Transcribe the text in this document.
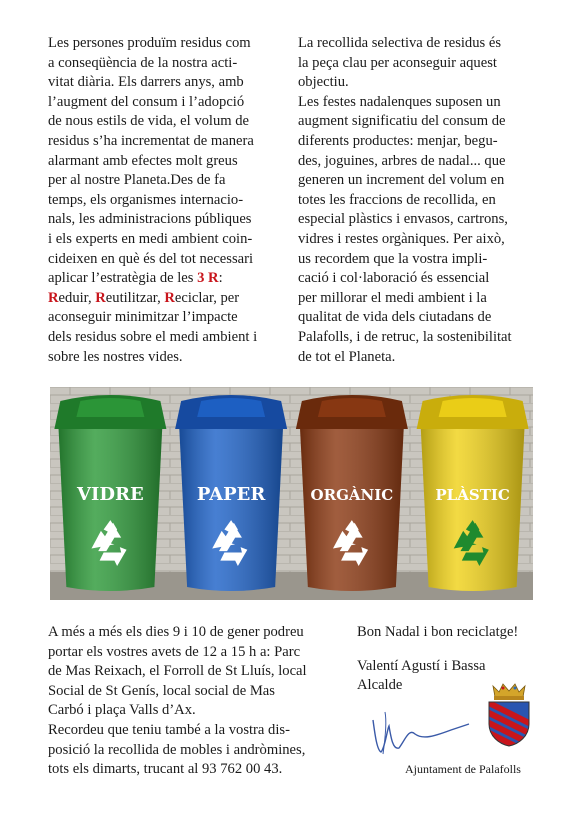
Les persones produïm residus com
a conseqüència de la nostra acti-
vitat diària. Els darrers anys, amb
l’augment del consum i l’adopció
de nous estils de vida, el volum de
residus s’ha incrementat de manera
alarmant amb efectes molt greus
per al nostre Planeta.Des de fa
temps, els organismes internacio-
nals, les administracions públiques
i els experts en medi ambient coin-
cideixen en què és del tot necessari
aplicar l’estratègia de les 3 R:
Reduir, Reutilitzar, Reciclar, per
aconseguir minimitzar l’impacte
dels residus sobre el medi ambient i
sobre les nostres vides.
La recollida selectiva de residus és
la peça clau per aconseguir aquest
objectiu.
Les festes nadalenques suposen un
augment significatiu del consum de
diferents productes: menjar, begu-
des, joguines, arbres de nadal... que
generen un increment del volum en
totes les fraccions de recollida, en
especial plàstics i envasos, cartrons,
vidres i restes orgàniques. Per això,
us recordem que la vostra impli-
cació i col·laboració és essencial
per millorar el medi ambient i la
qualitat de vida dels ciutadans de
Palafolls, i de retruc, la sostenibilitat
de tot el Planeta.
VIDRE	PAPER	ORGÀNIC	PLÀSTIC
A més a més els dies 9 i 10 de gener podreu
portar els vostres avets de 12 a 15 h a: Parc
de Mas Reixach, el Forroll de St Lluís, local
Social de St Genís, local social de Mas
Carbó i plaça Valls d’Ax.
Recordeu que teniu també a la vostra dis-
posició la recollida de mobles i andròmines,
tots els dimarts, trucant al 93 762 00 43.
Bon Nadal i bon reciclatge!
Valentí Agustí i Bassa
Alcalde
Ajuntament de Palafolls
